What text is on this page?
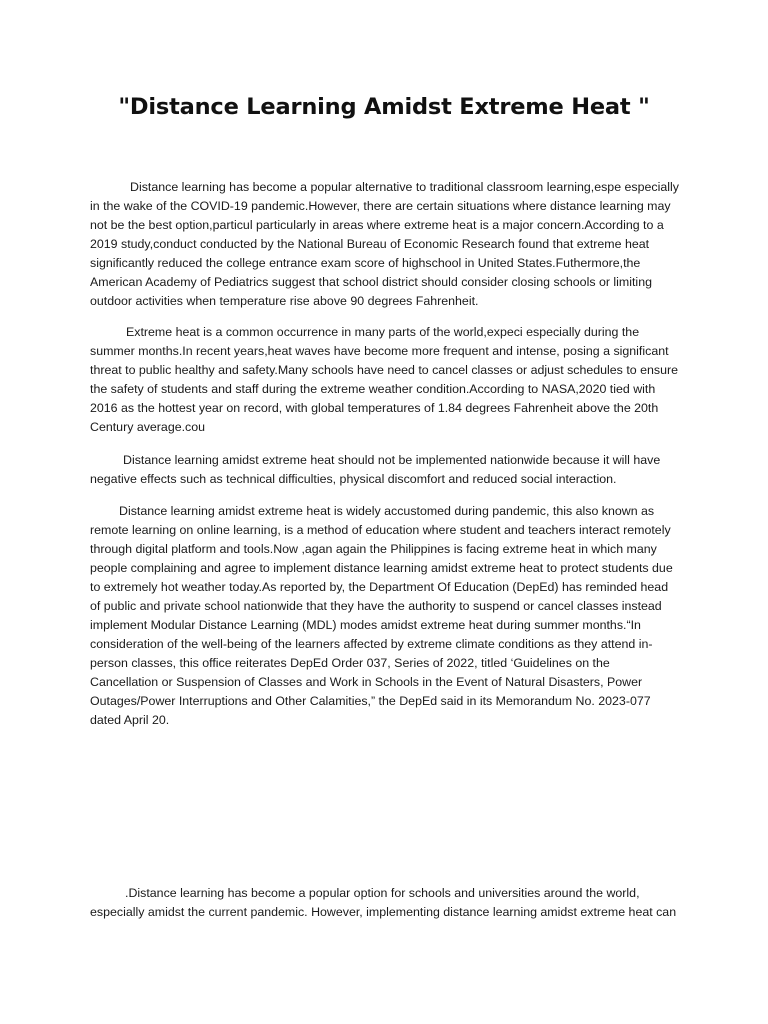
"Distance Learning Amidst Extreme Heat "

Distance learning has become a popular alternative to traditional classroom learning,espe especially in the wake of the COVID-19 pandemic.However, there are certain situations where distance learning may not be the best option,particul particularly in areas where extreme heat is a major concern.According to a 2019 study,conduct conducted by the National Bureau of Economic Research found that extreme heat significantly reduced the college entrance exam score of highschool in United States.Futhermore,the American Academy of Pediatrics suggest that school district should consider closing schools or limiting outdoor activities when temperature rise above 90 degrees Fahrenheit.

Extreme heat is a common occurrence in many parts of the world,expeci especially during the summer months.In recent years,heat waves have become more frequent and intense, posing a significant threat to public healthy and safety.Many schools have need to cancel classes or adjust schedules to ensure the safety of students and staff during the extreme weather condition.According to NASA,2020 tied with 2016 as the hottest year on record, with global temperatures of 1.84 degrees Fahrenheit above the 20th Century average.cou

Distance learning amidst extreme heat should not be implemented nationwide because it will have negative effects such as technical difficulties, physical discomfort and reduced social interaction.

Distance learning amidst extreme heat is widely accustomed during pandemic, this also known as remote learning on online learning, is a method of education where student and teachers interact remotely through digital platform and tools.Now ,agan again the Philippines is facing extreme heat in which many people complaining and agree to implement distance learning amidst extreme heat to protect students due to extremely hot weather today.As reported by, the Department Of Education (DepEd) has reminded head of public and private school nationwide that they have the authority to suspend or cancel classes instead implement Modular Distance Learning (MDL) modes amidst extreme heat during summer months.“In consideration of the well-being of the learners affected by extreme climate conditions as they attend in-person classes, this office reiterates DepEd Order 037, Series of 2022, titled ‘Guidelines on the Cancellation or Suspension of Classes and Work in Schools in the Event of Natural Disasters, Power Outages/Power Interruptions and Other Calamities,” the DepEd said in its Memorandum No. 2023-077 dated April 20.

.Distance learning has become a popular option for schools and universities around the world, especially amidst the current pandemic. However, implementing distance learning amidst extreme heat can
